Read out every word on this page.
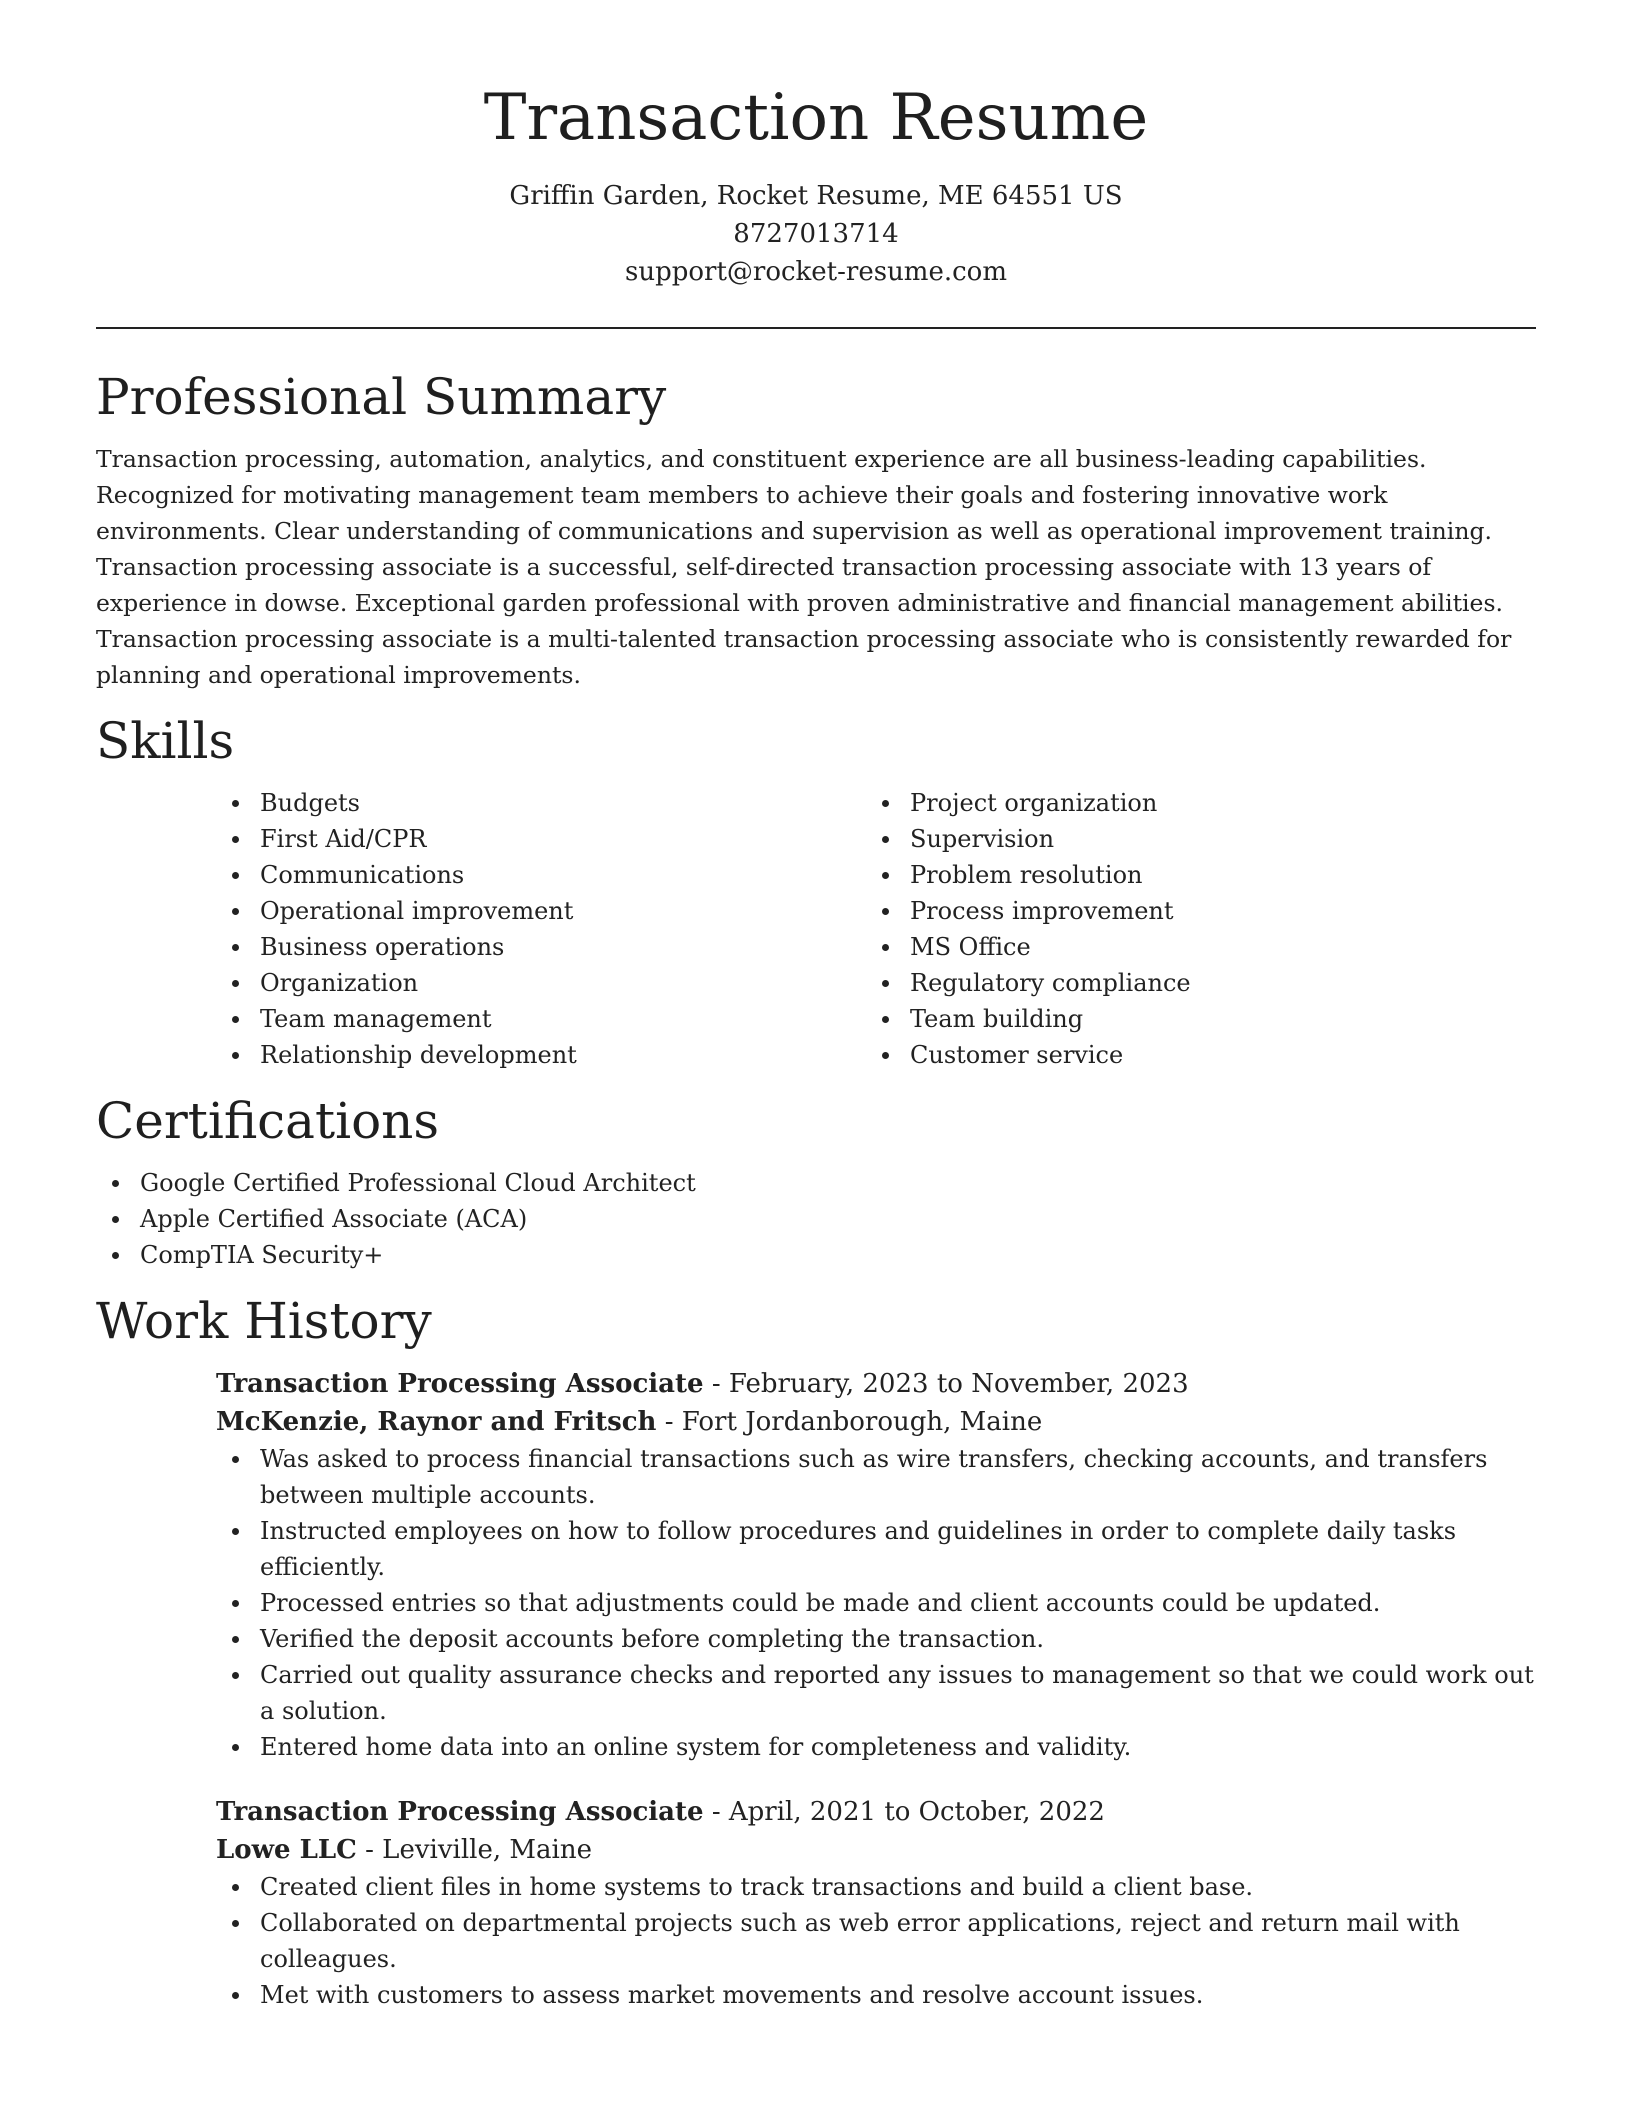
Transaction Resume
Griffin Garden, Rocket Resume, ME 64551 US
8727013714
support@rocket-resume.com
Professional Summary

Transaction processing, automation, analytics, and constituent experience are all business-leading capabilities. Recognized for motivating management team members to achieve their goals and fostering innovative work environments. Clear understanding of communications and supervision as well as operational improvement training. Transaction processing associate is a successful, self-directed transaction processing associate with 13 years of experience in dowse. Exceptional garden professional with proven administrative and financial management abilities. Transaction processing associate is a multi-talented transaction processing associate who is consistently rewarded for planning and operational improvements.

Skills
Budgets
First Aid/CPR
Communications
Operational improvement
Business operations
Organization
Team management
Relationship development
Project organization
Supervision
Problem resolution
Process improvement
MS Office
Regulatory compliance
Team building
Customer service
Certifications
Google Certified Professional Cloud Architect
Apple Certified Associate (ACA)
CompTIA Security+
Work History
Transaction Processing Associate - February, 2023 to November, 2023
McKenzie, Raynor and Fritsch - Fort Jordanborough, Maine
Was asked to process financial transactions such as wire transfers, checking accounts, and transfers between multiple accounts.
Instructed employees on how to follow procedures and guidelines in order to complete daily tasks efficiently.
Processed entries so that adjustments could be made and client accounts could be updated.
Verified the deposit accounts before completing the transaction.
Carried out quality assurance checks and reported any issues to management so that we could work out a solution.
Entered home data into an online system for completeness and validity.
Transaction Processing Associate - April, 2021 to October, 2022
Lowe LLC - Leviville, Maine
Created client files in home systems to track transactions and build a client base.
Collaborated on departmental projects such as web error applications, reject and return mail with colleagues.
Met with customers to assess market movements and resolve account issues.
